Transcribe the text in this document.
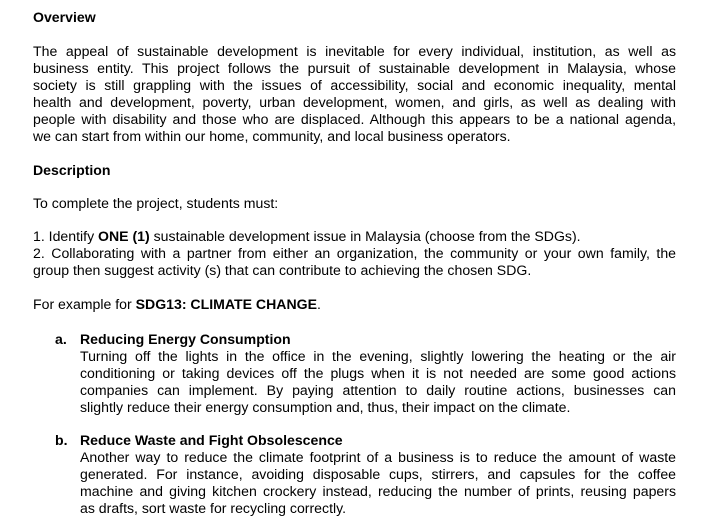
Overview
The appeal of sustainable development is inevitable for every individual, institution, as well as
business entity. This project follows the pursuit of sustainable development in Malaysia, whose
society is still grappling with the issues of accessibility, social and economic inequality, mental
health and development, poverty, urban development, women, and girls, as well as dealing with
people with disability and those who are displaced. Although this appears to be a national agenda,
we can start from within our home, community, and local business operators.
Description
To complete the project, students must:
1. Identify ONE (1) sustainable development issue in Malaysia (choose from the SDGs).
2. Collaborating with a partner from either an organization, the community or your own family, the
group then suggest activity (s) that can contribute to achieving the chosen SDG.
For example for SDG13: CLIMATE CHANGE.
a. Reducing Energy Consumption
Turning off the lights in the office in the evening, slightly lowering the heating or the air
conditioning or taking devices off the plugs when it is not needed are some good actions
companies can implement. By paying attention to daily routine actions, businesses can
slightly reduce their energy consumption and, thus, their impact on the climate.
b. Reduce Waste and Fight Obsolescence
Another way to reduce the climate footprint of a business is to reduce the amount of waste
generated. For instance, avoiding disposable cups, stirrers, and capsules for the coffee
machine and giving kitchen crockery instead, reducing the number of prints, reusing papers
as drafts, sort waste for recycling correctly.
